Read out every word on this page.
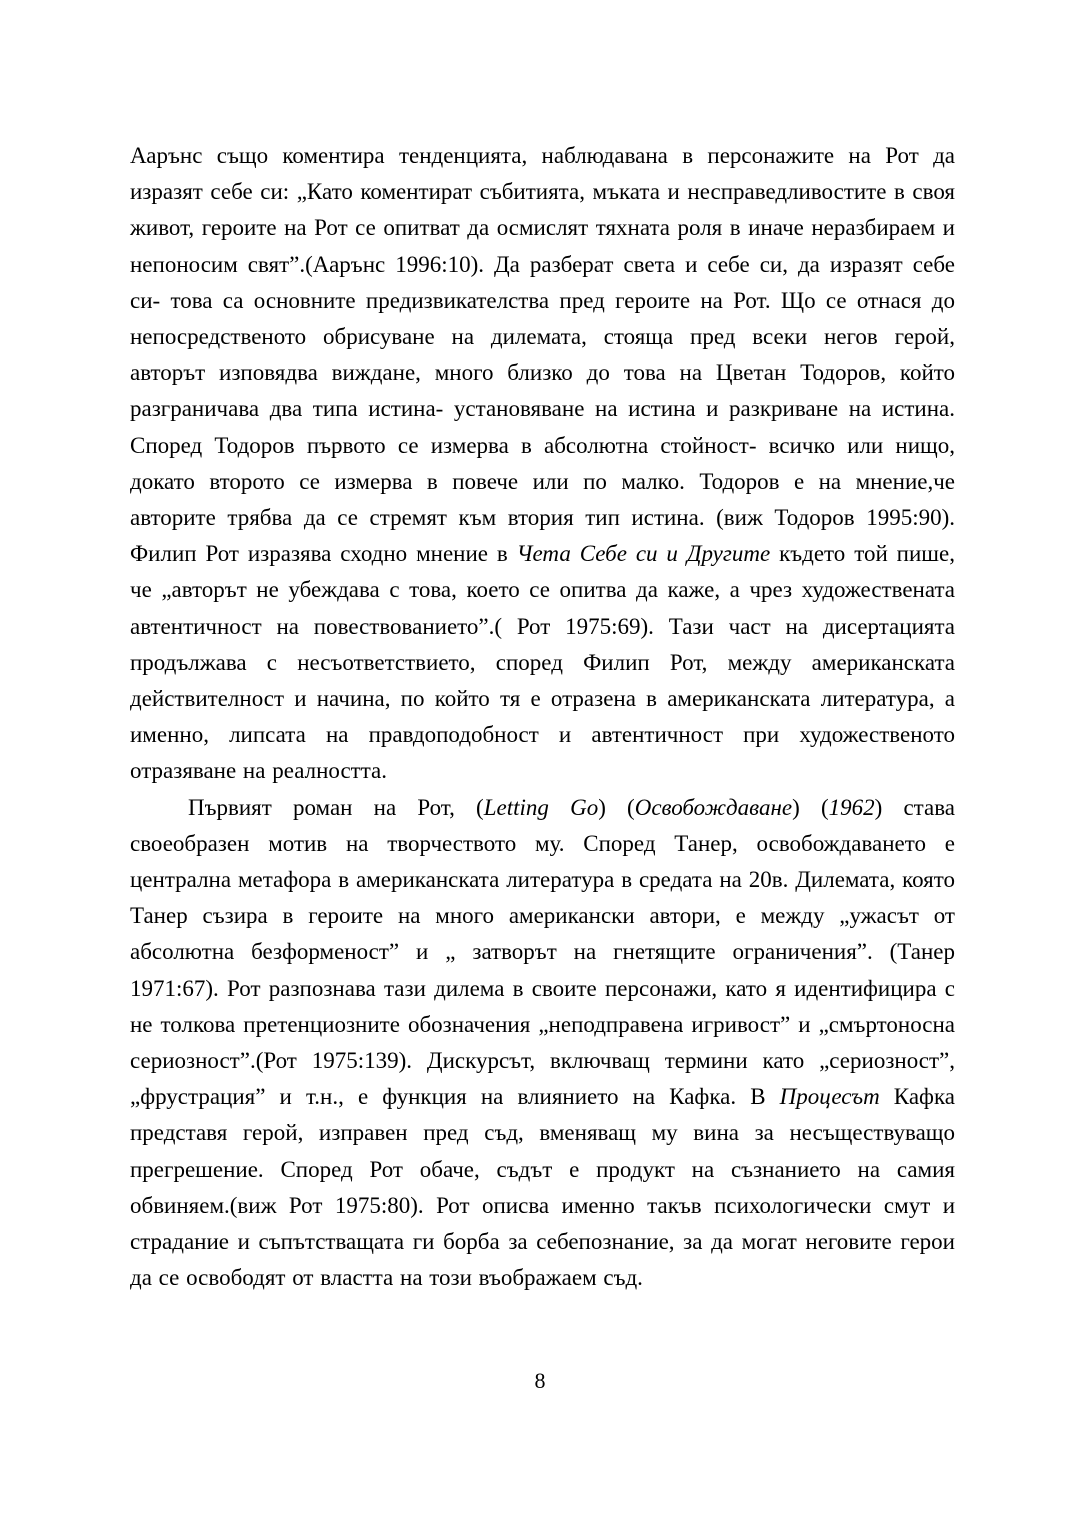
Аарънс също коментира тенденцията, наблюдавана в персонажите на Рот да изразят себе си: „Като коментират събитията, мъката и несправедливостите в своя живот, героите на Рот се опитват да осмислят тяхната роля в иначе неразбираем и непоносим свят”.(Аарънс 1996:10). Да разберат света и себе си, да изразят себе си- това са основните предизвикателства пред героите на Рот. Що се отнася до непосредственото обрисуване на дилемата, стояща пред всеки негов герой, авторът изповядва виждане, много близко до това на Цветан Тодоров, който разграничава два типа истина- установяване на истина и разкриване на истина. Според Тодоров първото се измерва в абсолютна стойност- всичко или нищо, докато второто се измерва в повече или по малко. Тодоров е на мнение,че авторите трябва да се стремят към втория тип истина. (виж Тодоров 1995:90). Филип Рот изразява сходно мнение в Чета Себе си и Другите където той пише, че „авторът не убеждава с това, което се опитва да каже, а чрез художествената автентичност на повествованието”.( Рот 1975:69). Тази част на дисертацията продължава с несъответствието, според Филип Рот, между американската действителност и начина, по който тя е отразена в американската литература, а именно, липсата на правдоподобност и автентичност при художественото отразяване на реалността.

Първият роман на Рот, (Letting Go) (Освобождаване) (1962) става своеобразен мотив на творчеството му. Според Танер, освобождаването е централна метафора в американската литература в средата на 20в. Дилемата, която Танер съзира в героите на много американски автори, е между „ужасът от абсолютна безформеност” и „ затворът на гнетящите ограничения”. (Танер 1971:67). Рот разпознава тази дилема в своите персонажи, като я идентифицира с не толкова претенциозните обозначения „неподправена игривост” и „смъртоносна сериозност”.(Рот 1975:139). Дискурсът, включващ термини като „сериозност”, „фрустрация” и т.н., е функция на влиянието на Кафка. В Процесът Кафка представя герой, изправен пред съд, вменяващ му вина за несъществуващо прегрешение. Според Рот обаче, съдът е продукт на съзнанието на самия обвиняем.(виж Рот 1975:80). Рот описва именно такъв психологически смут и страдание и съпътстващата ги борба за себепознание, за да могат неговите герои да се освободят от властта на този въображаем съд.

8
